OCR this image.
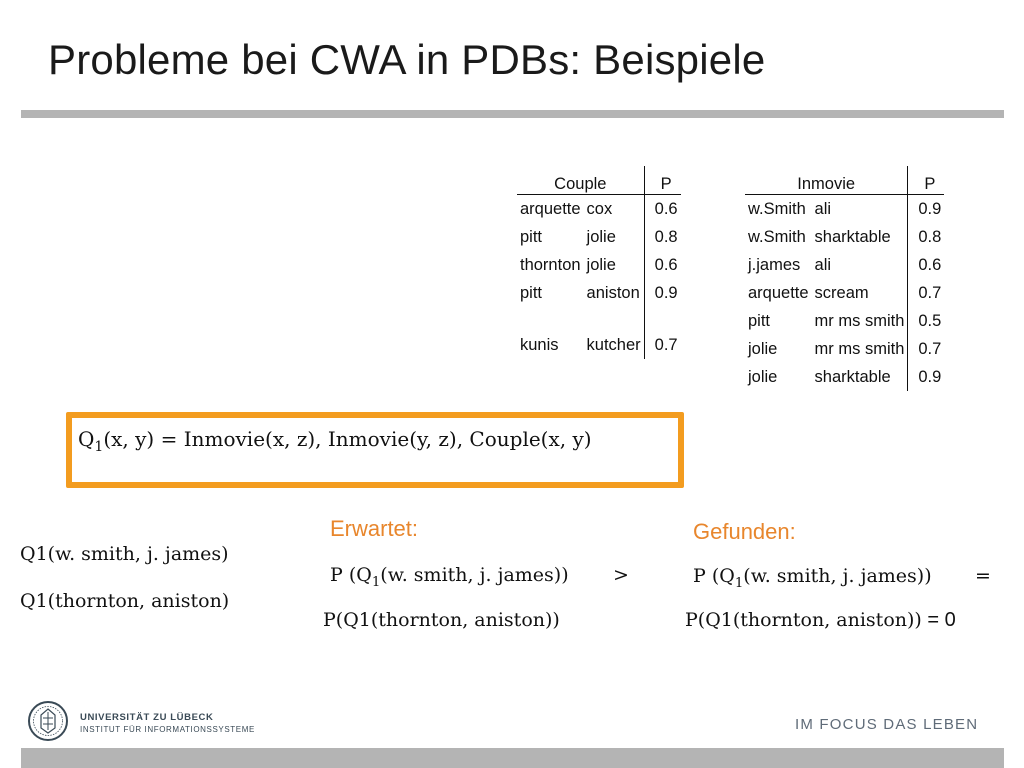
Probleme bei CWA in PDBs: Beispiele
Couple		P
arquette	cox	0.6
pitt	jolie	0.8
thornton	jolie	0.6
pitt	aniston	0.9

kunis	kutcher	0.7
Inmovie		P
w.Smith	ali	0.9
w.Smith	sharktable	0.8
j.james	ali	0.6
arquette	scream	0.7
pitt	mr ms smith	0.5
jolie	mr ms smith	0.7
jolie	sharktable	0.9
$Q_1(x$, y) = Inmovie(x, z), Inmovie(y, z), Couple(x, y)
Q1(w. smith, j. james)
Q1(thornton, aniston)
Erwartet:
P ($Q_1(w$. smith, j. james)) >
P(Q1(thornton, aniston))
Gefunden:
P ($Q_1(w$. smith, j. james)) =
P(Q1(thornton, aniston)) = 0
UNIVERSITÄT ZU LÜBECK
INSTITUT FÜR INFORMATIONSSYSTEME	IM FOCUS DAS LEBEN
